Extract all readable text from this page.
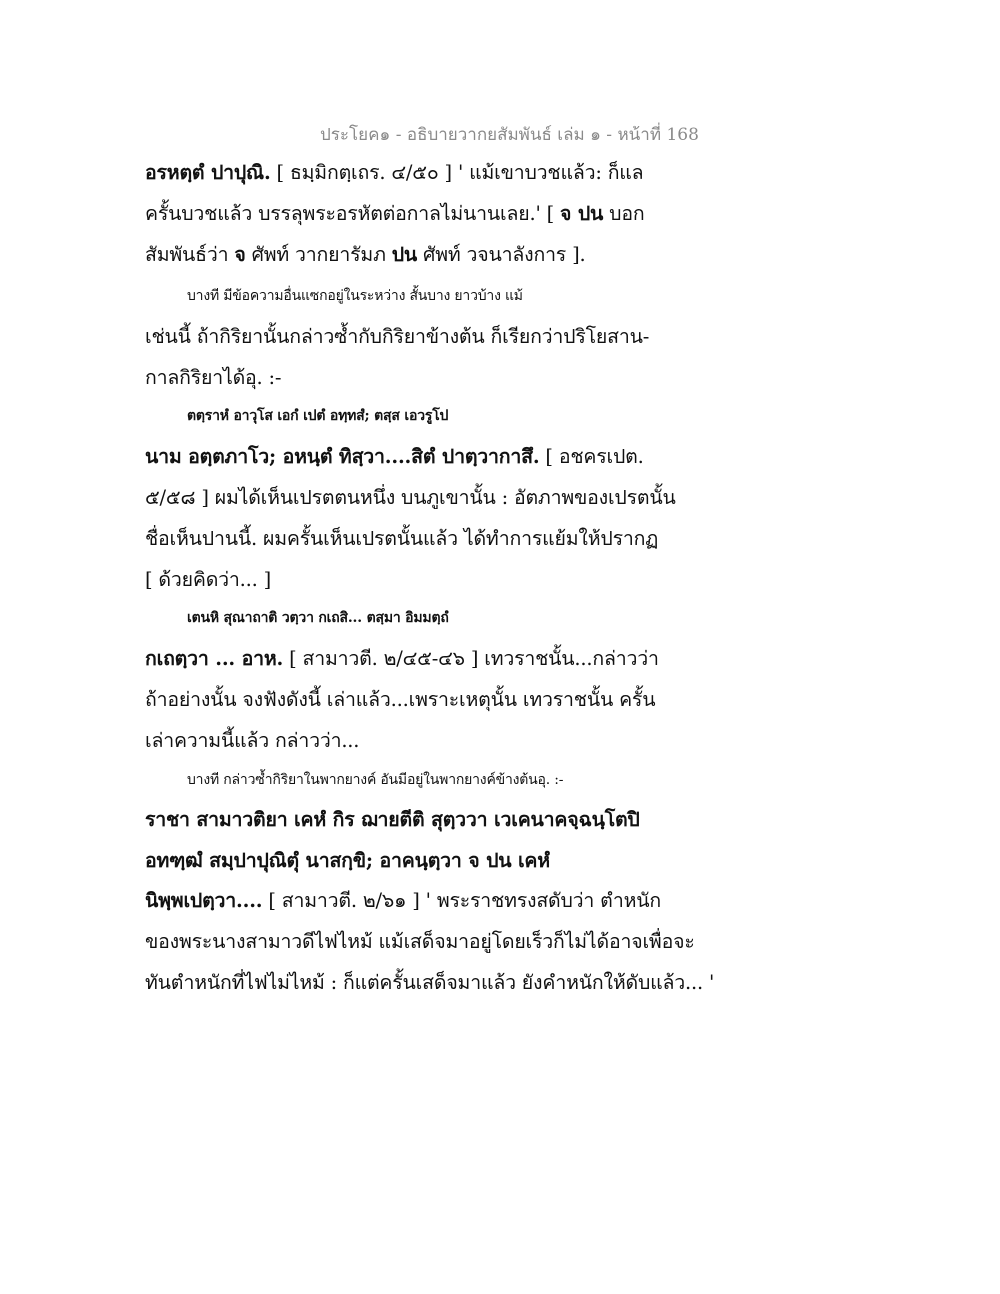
ประโยค๑ - อธิบายวากยสัมพันธ์ เล่ม ๑ - หน้าที่ 168
อรหตฺตํ ปาปุณิ. [ ธมฺมิกตฺเถร. ๔/๕๐ ] ' แม้เขาบวชแล้ว: ก็แล
ครั้นบวชแล้ว บรรลุพระอรหัตต่อกาลไม่นานเลย.' [ จ ปน บอก
สัมพันธ์ว่า จ ศัพท์ วากยารัมภ ปน ศัพท์ วจนาลังการ ].
บางที มีข้อความอื่นแซกอยู่ในระหว่าง สั้นบาง ยาวบ้าง แม้
เช่นนี้ ถ้ากิริยานั้นกล่าวซ้ำกับกิริยาข้างต้น ก็เรียกว่าปริโยสาน-
กาลกิริยาได้อุ. :-
ตตฺราหํ อาวุโส เอกํ เปตํ อทฺทสํ; ตสฺส เอวรูโป
นาม อตฺตภาโว; อหนฺตํ ทิสฺวา....สิตํ ปาตฺวากาสึ. [ อชครเปต.
๕/๕๘ ] ผมได้เห็นเปรตตนหนึ่ง บนภูเขานั้น : อัตภาพของเปรตนั้น
ชื่อเห็นปานนี้. ผมครั้นเห็นเปรตนั้นแล้ว ได้ทำการแย้มให้ปรากฏ
[ ด้วยคิดว่า... ]
เตนหิ สุณาถาติ วตฺวา กเถสิ... ตสฺมา อิมมตฺถํ
กเถตฺวา ... อาห. [ สามาวตี. ๒/๔๕-๔๖ ] เทวราชนั้น...กล่าวว่า
ถ้าอย่างนั้น จงฟังดังนี้ เล่าแล้ว...เพราะเหตุนั้น เทวราชนั้น ครั้น
เล่าความนี้แล้ว กล่าวว่า...
บางที กล่าวซ้ำกิริยาในพากยางค์ อันมีอยู่ในพากยางค์ข้างต้นอุ. :-
ราชา สามาวติยา เคหํ กิร ฌายตีติ สุตฺววา เวเคนาคจฺฉนฺโตปิ
อทฑฺฒํ สมฺปาปุณิตุํ นาสกฺขิ; อาคนฺตฺวา จ ปน เคหํ
นิพฺพเปตฺวา.... [ สามาวตี. ๒/๖๑ ] ' พระราชทรงสดับว่า ตำหนัก
ของพระนางสามาวดีไฟไหม้ แม้เสด็จมาอยู่โดยเร็วก็ไม่ได้อาจเพื่อจะ
ทันตำหนักที่ไฟไม่ไหม้ : ก็แต่ครั้นเสด็จมาแล้ว ยังคำหนักให้ดับแล้ว... '
